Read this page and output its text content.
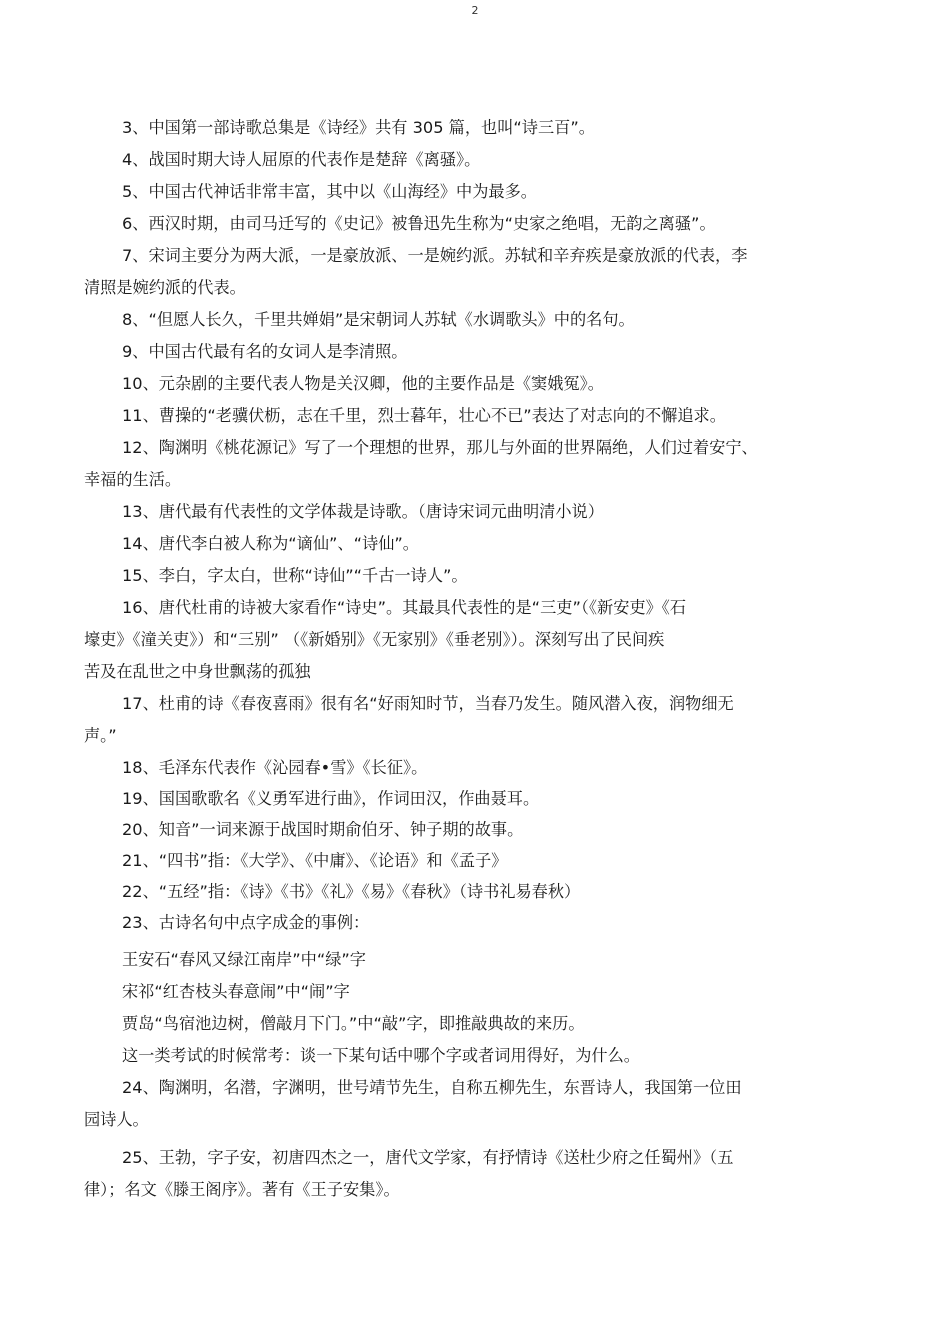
2

3、中国第一部诗歌总集是《诗经》共有 305 篇，也叫“诗三百”。

4、战国时期大诗人屈原的代表作是楚辞《离骚》。

5、中国古代神话非常丰富，其中以《山海经》中为最多。

6、西汉时期，由司马迁写的《史记》被鲁迅先生称为“史家之绝唱，无韵之离骚”。

7、宋词主要分为两大派，一是豪放派、一是婉约派。苏轼和辛弃疾是豪放派的代表，李
清照是婉约派的代表。

8、“但愿人长久，千里共婵娟”是宋朝词人苏轼《水调歌头》中的名句。

9、中国古代最有名的女词人是李清照。

10、元杂剧的主要代表人物是关汉卿，他的主要作品是《窦娥冤》。

11、曹操的“老骥伏枥，志在千里，烈士暮年，壮心不已”表达了对志向的不懈追求。

12、陶渊明《桃花源记》写了一个理想的世界，那儿与外面的世界隔绝，人们过着安宁、
幸福的生活。

13、唐代最有代表性的文学体裁是诗歌。（唐诗宋词元曲明清小说）

14、唐代李白被人称为“谪仙”、“诗仙”。

15、李白，字太白，世称“诗仙”“千古一诗人”。

16、唐代杜甫的诗被大家看作“诗史”。其最具代表性的是“三吏”（《新安吏》《石
壕吏》《潼关吏》）和“三别” （《新婚别》《无家别》《垂老别》）。深刻写出了民间疾
苦及在乱世之中身世飘荡的孤独

17、杜甫的诗《春夜喜雨》很有名“好雨知时节，当春乃发生。随风潜入夜，润物细无
声。”

18、毛泽东代表作《沁园春•雪》《长征》。

19、国国歌歌名《义勇军进行曲》，作词田汉，作曲聂耳。

20、知音”一词来源于战国时期俞伯牙、钟子期的故事。

21、“四书”指：《大学》、《中庸》、《论语》和《孟子》

22、“五经”指：《诗》《书》《礼》《易》《春秋》（诗书礼易春秋）

23、古诗名句中点字成金的事例：

王安石“春风又绿江南岸”中“绿”字
宋祁“红杏枝头春意闹”中“闹”字
贾岛“鸟宿池边树，僧敲月下门。”中“敲”字，即推敲典故的来历。
这一类考试的时候常考：谈一下某句话中哪个字或者词用得好，为什么。

24、陶渊明，名潜，字渊明，世号靖节先生，自称五柳先生，东晋诗人，我国第一位田
园诗人。

25、王勃，字子安，初唐四杰之一，唐代文学家，有抒情诗《送杜少府之任蜀州》（五
律）；名文《滕王阁序》。著有《王子安集》。
